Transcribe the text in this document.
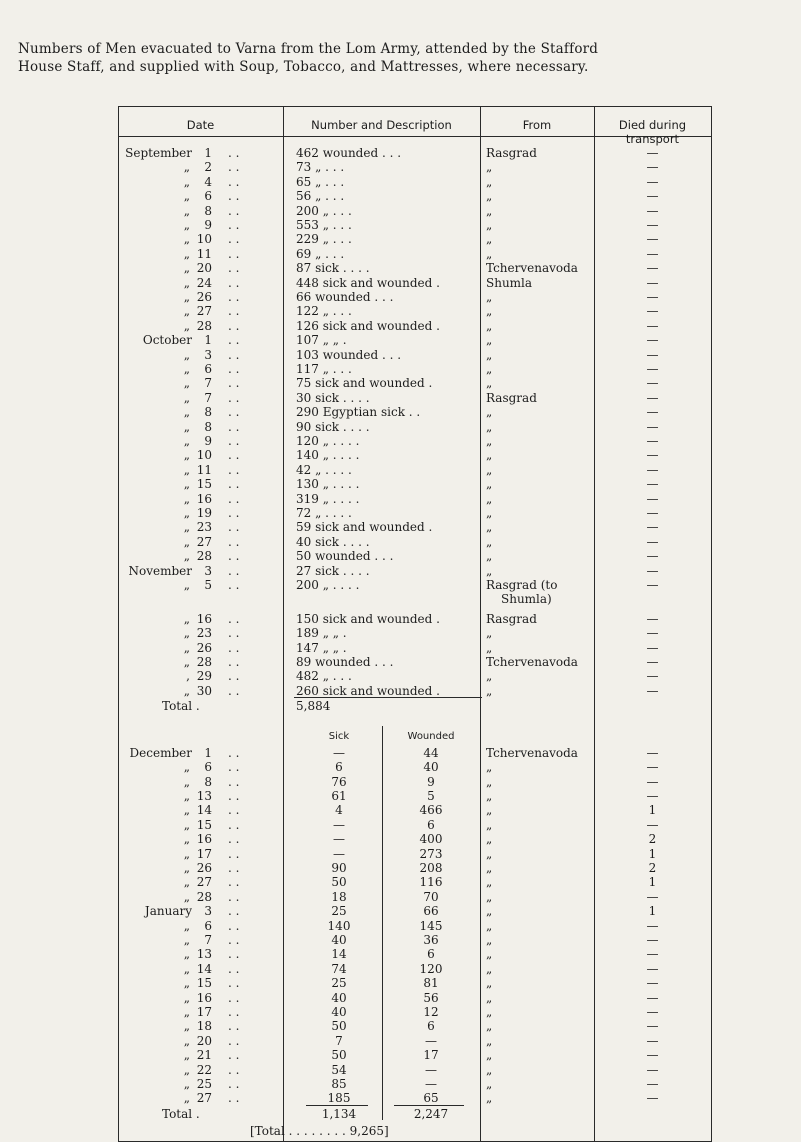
Numbers of Men evacuated to Varna from the Lom Army, attended by the Stafford
House Staff, and supplied with Soup, Tobacco, and Mattresses, where necessary.
Date	Number and Description	From	Died during transport
September	1 . .	462 wounded . . .	Rasgrad	—
„	2 . .	73 „ . . .	„	—
„	4 . .	65 „ . . .	„	—
„	6 . .	56 „ . . .	„	—
„	8 . .	200 „ . . .	„	—
„	9 . .	553 „ . . .	„	—
„ 10 . .	229 „ . . .	„	—
„ 11 . .	69 „ . . .	„	—
„ 20 . .	87 sick . . . .	Tchervenavoda	—
„ 24 . .	448 sick and wounded .	Shumla	—
„ 26 . .	66 wounded . . .	„	—
„ 27 . .	122 „ . . .	„	—
„ 28 . .	126 sick and wounded .	„	—
October	1 . .	107 „ „ .	„	—
„	3 . .	103 wounded . . .	„	—
„	6 . .	117 „ . . .	„	—
„	7 . .	75 sick and wounded .	„	—
„	7 . .	30 sick . . . .	Rasgrad	—
„	8 . .	290 Egyptian sick . .	„	—
„	8 . .	90 sick . . . .	„	—
„	9 . .	120 „ . . . .	„	—
„ 10 . .	140 „ . . . .	„	—
„ 11 . .	42 „ . . . .	„	—
„ 15 . .	130 „ . . . .	„	—
„ 16 . .	319 „ . . . .	„	—
„ 19 . .	72 „ . . . .	„	—
„ 23 . .	59 sick and wounded .	„	—
„ 27 . .	40 sick . . . .	„	—
„ 28 . .	50 wounded . . .	„	—
November	3 . .	27 sick . . . .	„	—
„	5 . .	200 „ . . . .	Rasgrad (to	—
Shumla)
„ 16 . .	150 sick and wounded .	Rasgrad	—
„ 23 . .	189 „ „ .	„	—
„ 26 . .	147 „ „ .	„	—
„ 28 . .	89 wounded . . .	Tchervenavoda	—
, 29 . .	482 „ . . .	„	—
„ 30 . .	260 sick and wounded .	„	—
Total .	5,884
Sick	Wounded
December	1 . .	—	44	Tchervenavoda	—
„	6 . .	6	40	„	—
„	8 . .	76	9	„	—
„ 13 . .	61	5	„	—
„ 14 . .	4	466	„	1
„ 15 . .	—	6	„	—
„ 16 . .	—	400	„	2
„ 17 . .	—	273	„	1
„ 26 . .	90	208	„	2
„ 27 . .	50	116	„	1
„ 28 . .	18	70	„	—
January	3 . .	25	66	„	1
„	6 . .	140	145	„	—
„	7 . .	40	36	„	—
„ 13 . .	14	6	„	—
„ 14 . .	74	120	„	—
„ 15 . .	25	81	„	—
„ 16 . .	40	56	„	—
„ 17 . .	40	12	„	—
„ 18 . .	50	6	„	—
„ 20 . .	7	—	„	—
„ 21 . .	50	17	„	—
„ 22 . .	54	—	„	—
„ 25 . .	85	—	„	—
„ 27 . .	185	65	„	—
Total .	1,134	2,247
[Total . . . . . . . . 9,265]
